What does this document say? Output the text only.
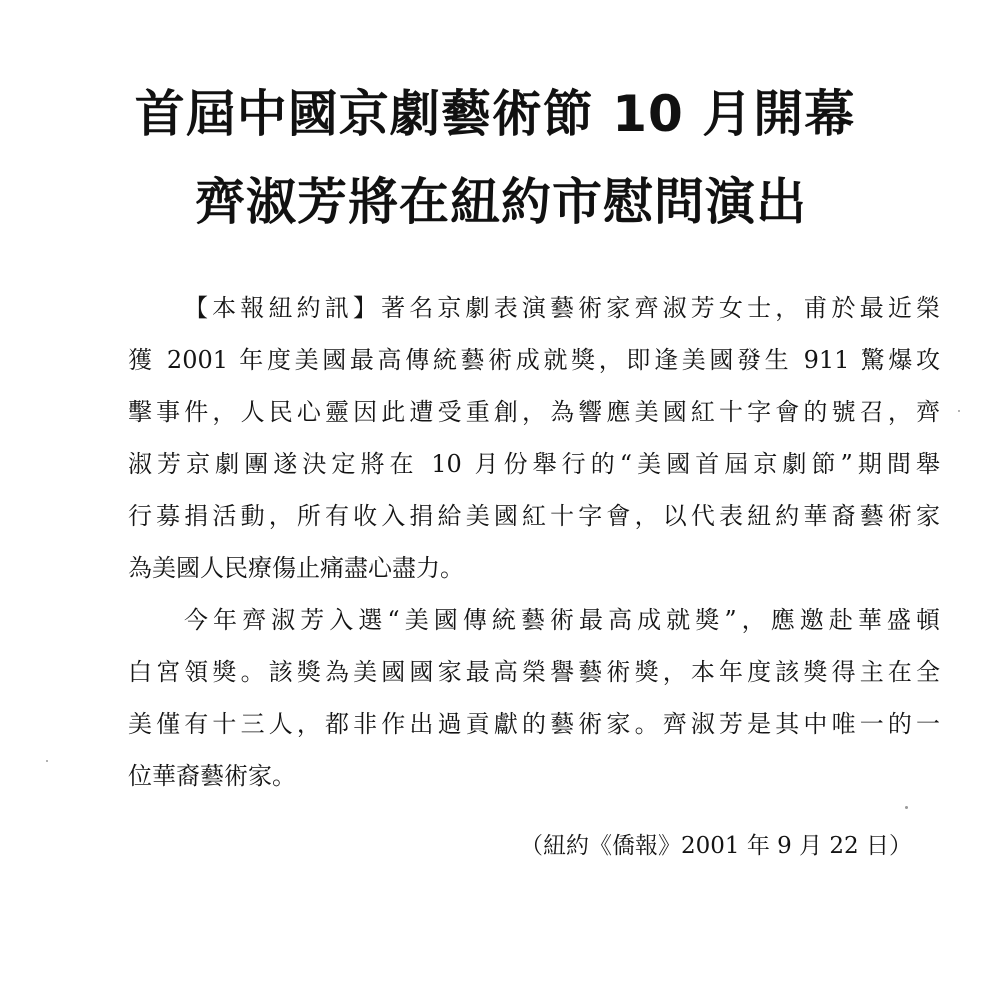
首屆中國京劇藝術節 10 月開幕
齊淑芳將在紐約市慰問演出
【本報紐約訊】著名京劇表演藝術家齊淑芳女士，甫於最近榮
獲 2001 年度美國最高傳統藝術成就獎，即逢美國發生 911 驚爆攻
擊事件，人民心靈因此遭受重創，為響應美國紅十字會的號召，齊
淑芳京劇團遂決定將在 10 月份舉行的“美國首屆京劇節”期間舉
行募捐活動，所有收入捐給美國紅十字會，以代表紐約華裔藝術家
為美國人民療傷止痛盡心盡力。
今年齊淑芳入選“美國傳統藝術最高成就獎”，應邀赴華盛頓
白宮領獎。該獎為美國國家最高榮譽藝術獎，本年度該獎得主在全
美僅有十三人，都非作出過貢獻的藝術家。齊淑芳是其中唯一的一
位華裔藝術家。
（紐約《僑報》2001 年 9 月 22 日）
